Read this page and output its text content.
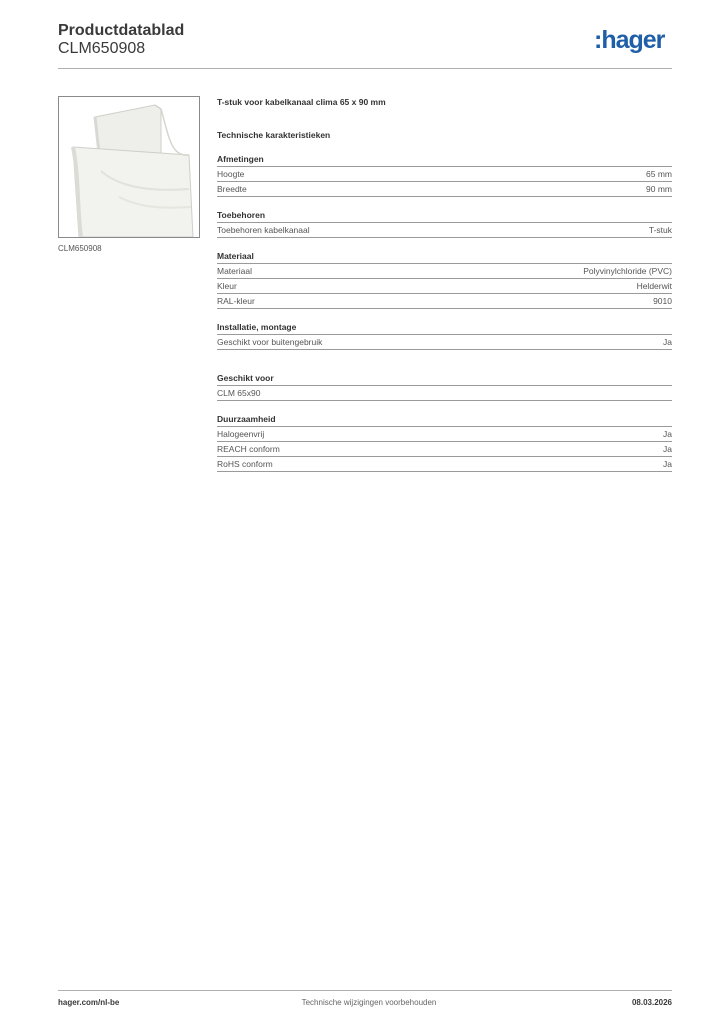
Productdatablad
CLM650908	:hager
CLM650908
T-stuk voor kabelkanaal clima 65 x 90 mm
Technische karakteristieken
Afmetingen
Hoogte	65 mm
Breedte	90 mm
Toebehoren
Toebehoren kabelkanaal	T-stuk
Materiaal
Materiaal	Polyvinylchloride (PVC)
Kleur	Helderwit
RAL-kleur	9010
Installatie, montage
Geschikt voor buitengebruik	Ja
Geschikt voor
CLM 65x90
Duurzaamheid
Halogeenvrij	Ja
REACH conform	Ja
RoHS conform	Ja
hager.com/nl-be	Technische wijzigingen voorbehouden	08.03.2026
